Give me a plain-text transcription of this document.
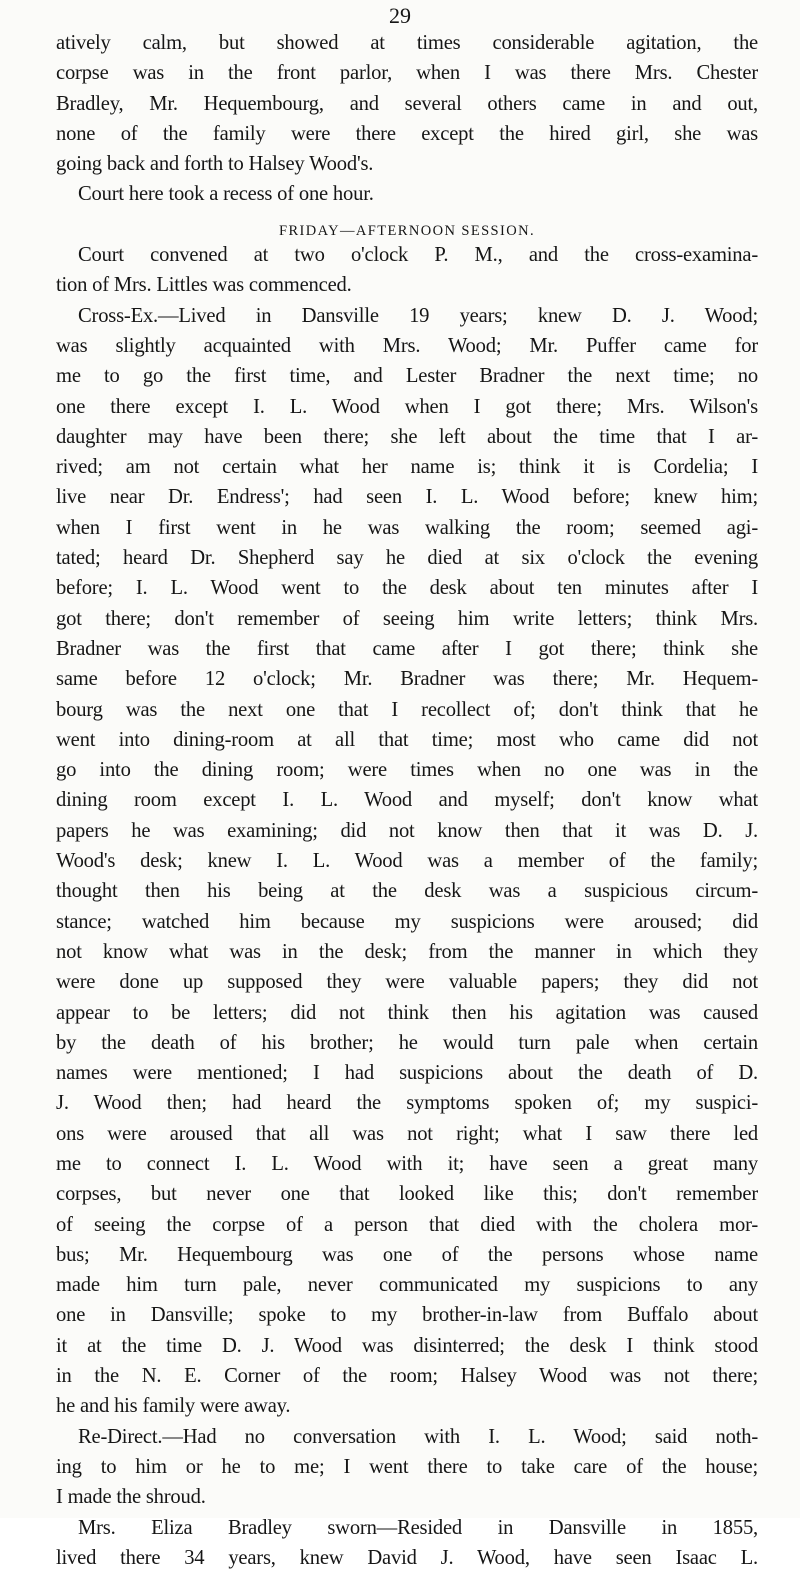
29
atively calm, but showed at times considerable agitation, the
corpse was in the front parlor, when I was there Mrs. Chester
Bradley, Mr. Hequembourg, and several others came in and out,
none of the family were there except the hired girl, she was
going back and forth to Halsey Wood's.
Court here took a recess of one hour.
FRIDAY—AFTERNOON SESSION.
Court convened at two o'clock P. M., and the cross-examina-
tion of Mrs. Littles was commenced.
Cross-Ex.—Lived in Dansville 19 years; knew D. J. Wood;
was slightly acquainted with Mrs. Wood; Mr. Puffer came for
me to go the first time, and Lester Bradner the next time; no
one there except I. L. Wood when I got there; Mrs. Wilson's
daughter may have been there; she left about the time that I ar-
rived; am not certain what her name is; think it is Cordelia; I
live near Dr. Endress'; had seen I. L. Wood before; knew him;
when I first went in he was walking the room; seemed agi-
tated; heard Dr. Shepherd say he died at six o'clock the evening
before; I. L. Wood went to the desk about ten minutes after I
got there; don't remember of seeing him write letters; think Mrs.
Bradner was the first that came after I got there; think she
same before 12 o'clock; Mr. Bradner was there; Mr. Hequem-
bourg was the next one that I recollect of; don't think that he
went into dining-room at all that time; most who came did not
go into the dining room; were times when no one was in the
dining room except I. L. Wood and myself; don't know what
papers he was examining; did not know then that it was D. J.
Wood's desk; knew I. L. Wood was a member of the family;
thought then his being at the desk was a suspicious circum-
stance; watched him because my suspicions were aroused; did
not know what was in the desk; from the manner in which they
were done up supposed they were valuable papers; they did not
appear to be letters; did not think then his agitation was caused
by the death of his brother; he would turn pale when certain
names were mentioned; I had suspicions about the death of D.
J. Wood then; had heard the symptoms spoken of; my suspici-
ons were aroused that all was not right; what I saw there led
me to connect I. L. Wood with it; have seen a great many
corpses, but never one that looked like this; don't remember
of seeing the corpse of a person that died with the cholera mor-
bus; Mr. Hequembourg was one of the persons whose name
made him turn pale, never communicated my suspicions to any
one in Dansville; spoke to my brother-in-law from Buffalo about
it at the time D. J. Wood was disinterred; the desk I think stood
in the N. E. Corner of the room; Halsey Wood was not there;
he and his family were away.
Re-Direct.—Had no conversation with I. L. Wood; said noth-
ing to him or he to me; I went there to take care of the house;
I made the shroud.
Mrs. Eliza Bradley sworn—Resided in Dansville in 1855,
lived there 34 years, knew David J. Wood, have seen Isaac L.
